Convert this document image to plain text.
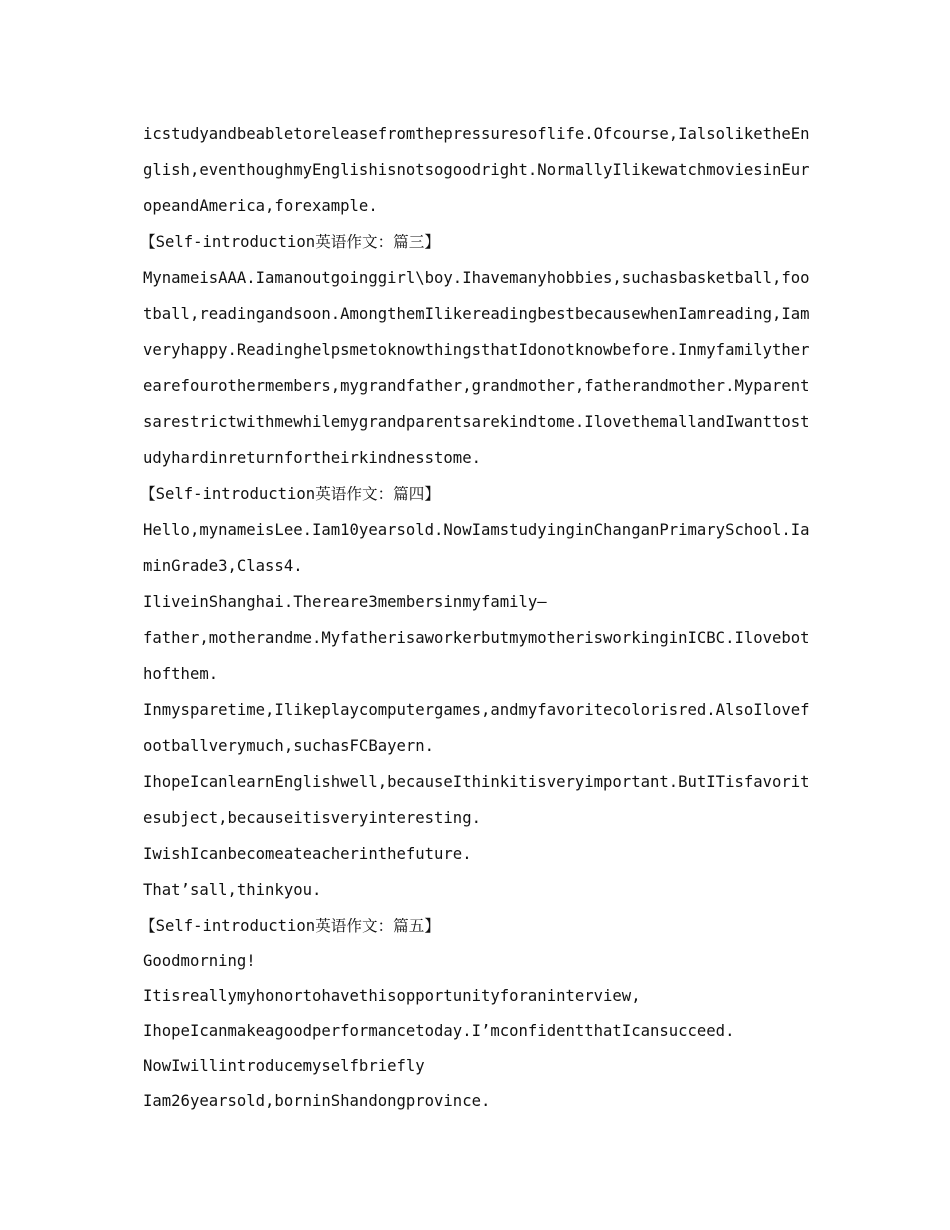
icstudyandbeabletoreleasefromthepressuresoflife.Ofcourse,IalsoliketheEn
glish,eventhoughmyEnglishisnotsogoodright.NormallyIlikewatchmoviesinEur
opeandAmerica,forexample.
【Self-introduction英语作文：篇三】
MynameisAAA.Iamanoutgoinggirl\boy.Ihavemanyhobbies,suchasbasketball,foo
tball,readingandsoon.AmongthemIlikereadingbestbecausewhenIamreading,Iam
veryhappy.ReadinghelpsmetoknowthingsthatIdonotknowbefore.Inmyfamilyther
earefourothermembers,mygrandfather,grandmother,fatherandmother.Myparent
sarestrictwithmewhilemygrandparentsarekindtome.IlovethemallandIwanttost
udyhardinreturnfortheirkindnesstome.
【Self-introduction英语作文：篇四】
Hello,mynameisLee.Iam10yearsold.NowIamstudyinginChanganPrimarySchool.Ia
minGrade3,Class4.
IliveinShanghai.Thereare3membersinmyfamily—
father,motherandme.MyfatherisaworkerbutmymotherisworkinginICBC.Ilovebot
hofthem.
Inmysparetime,Ilikeplaycomputergames,andmyfavoritecolorisred.AlsoIlovef
ootballverymuch,suchasFCBayern.
IhopeIcanlearnEnglishwell,becauseIthinkitisveryimportant.ButITisfavorit
esubject,becauseitisveryinteresting.
IwishIcanbecomeateacherinthefuture.
That’sall,thinkyou.
【Self-introduction英语作文：篇五】
Goodmorning!
Itisreallymyhonortohavethisopportunityforaninterview,
IhopeIcanmakeagoodperformancetoday.I’mconfidentthatIcansucceed.
NowIwillintroducemyselfbriefly
Iam26yearsold,borninShandongprovince.
